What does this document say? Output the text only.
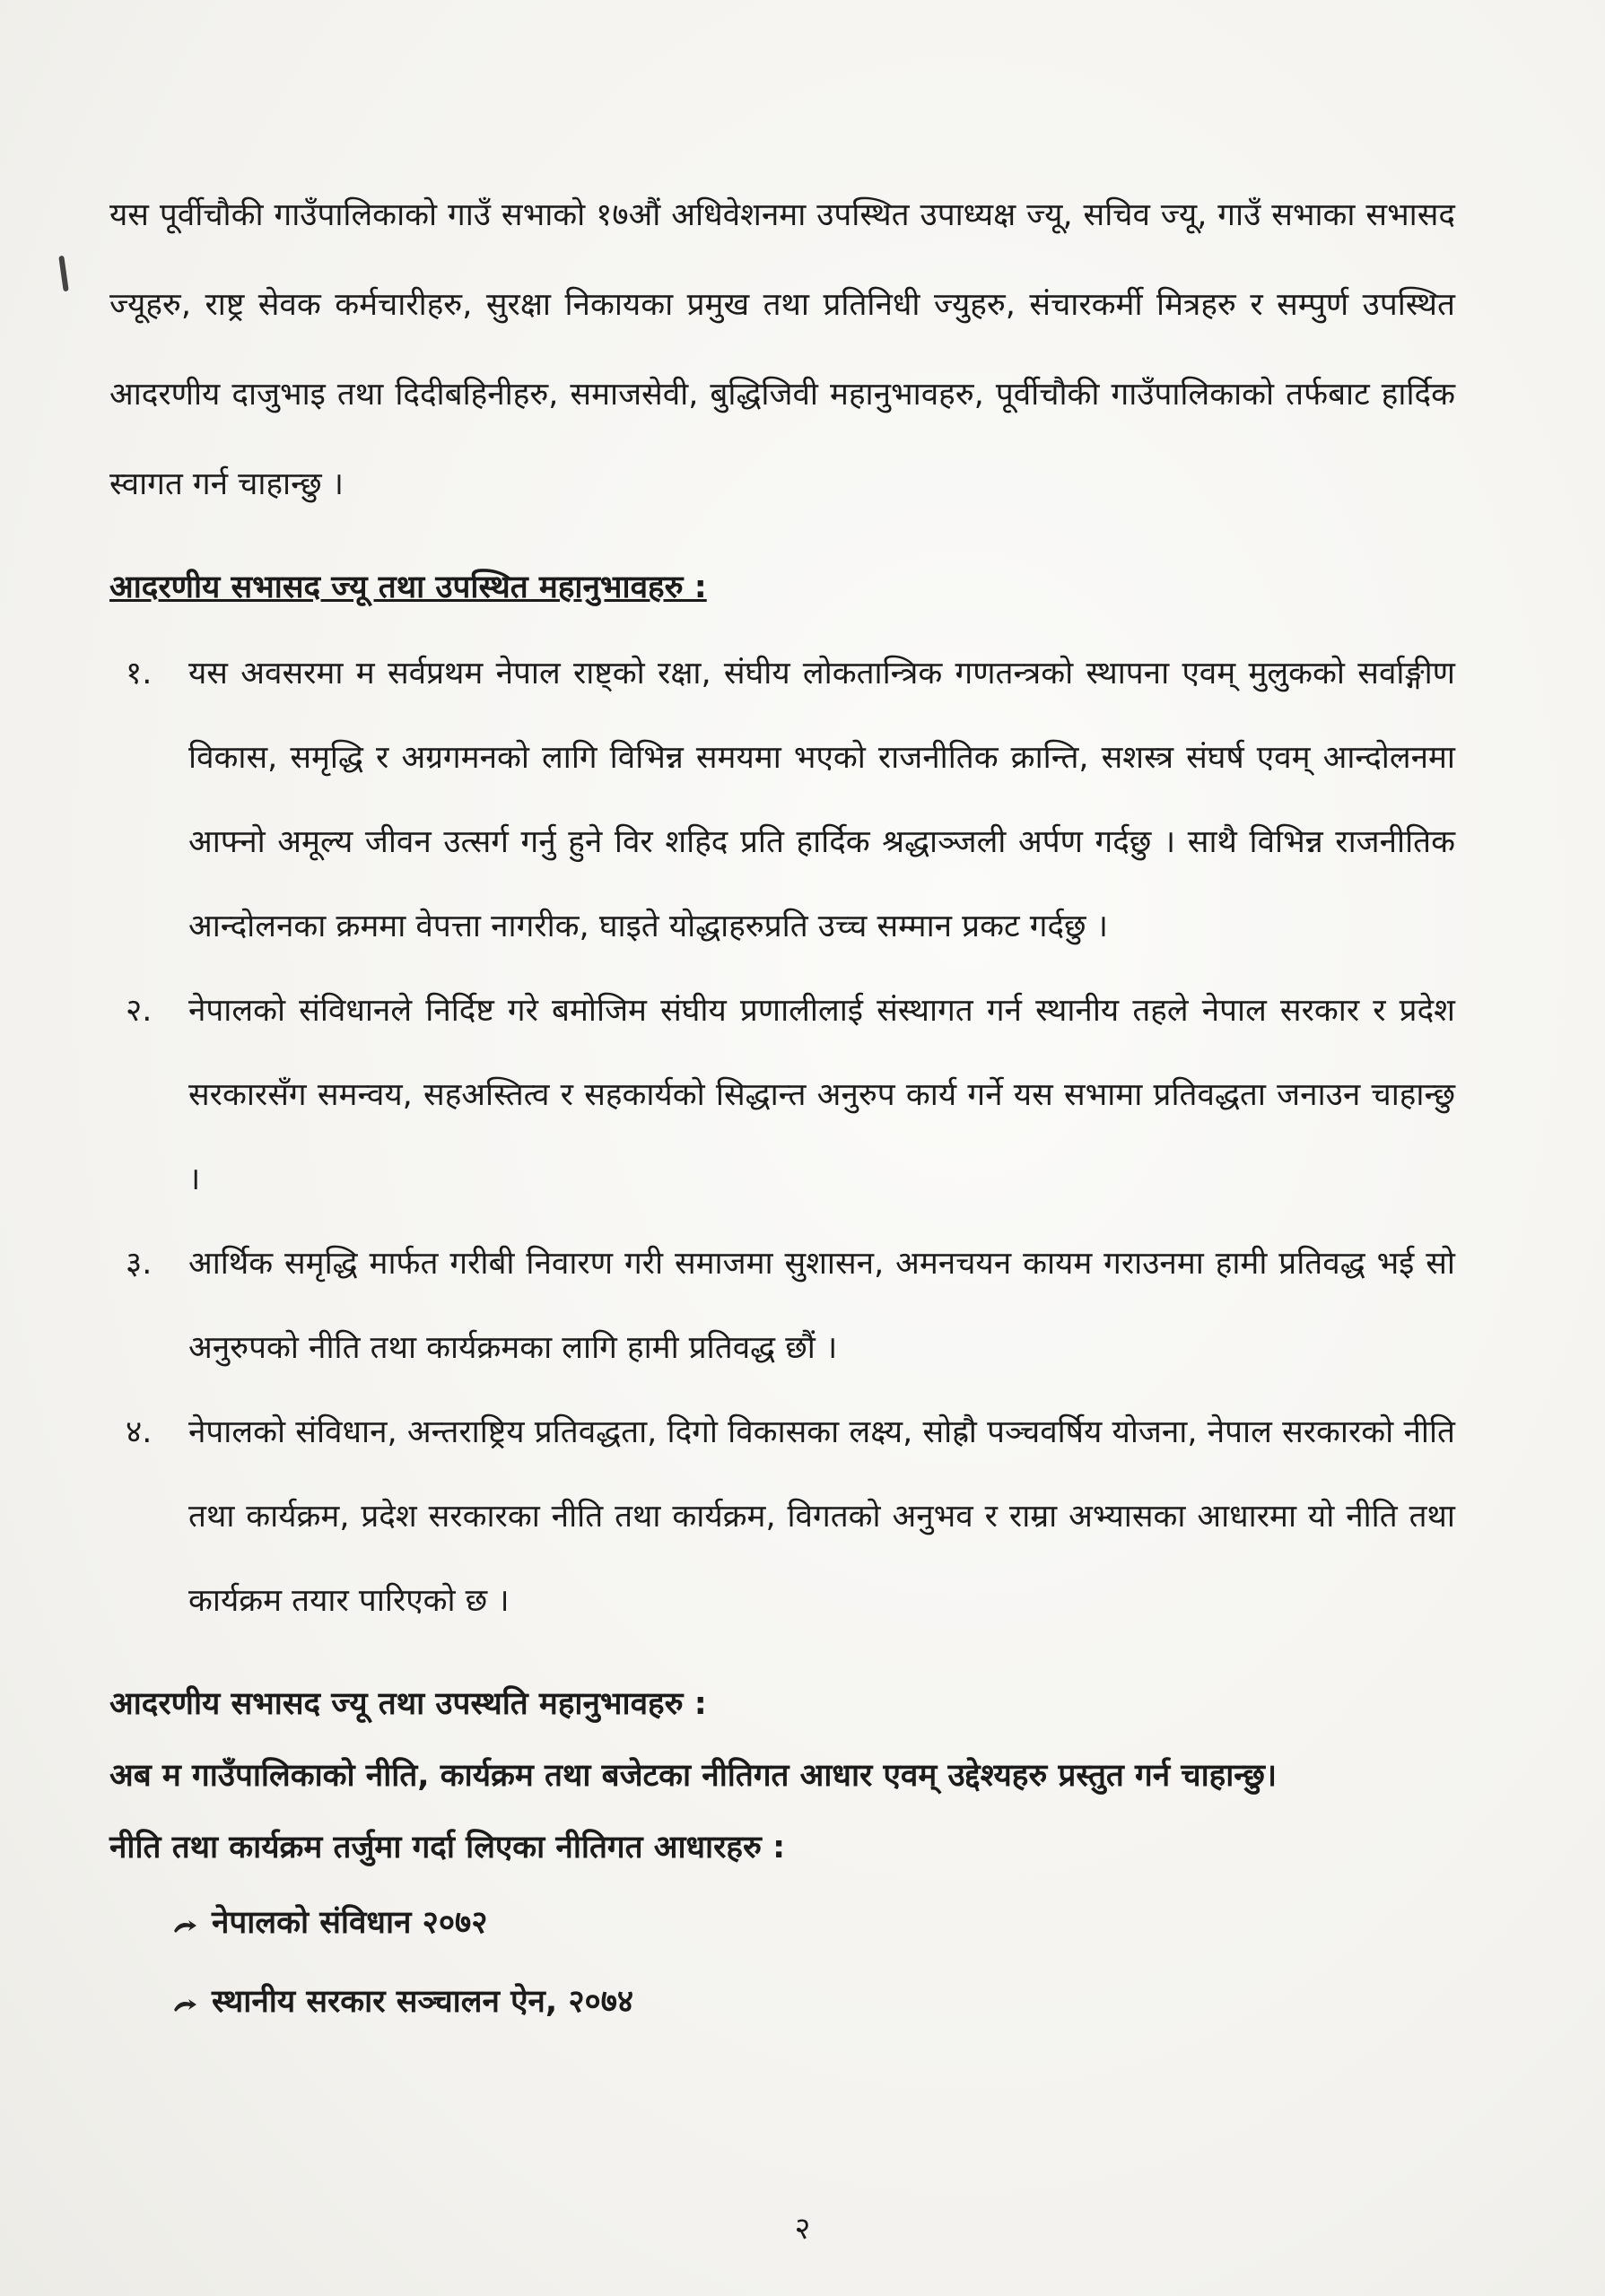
यस पूर्वीचौकी गाउँपालिकाको गाउँ सभाको १७औं अधिवेशनमा उपस्थित उपाध्यक्ष ज्यू, सचिव ज्यू, गाउँ सभाका सभासद ज्यूहरु, राष्ट्र सेवक कर्मचारीहरु, सुरक्षा निकायका प्रमुख तथा प्रतिनिधी ज्युहरु, संचारकर्मी मित्रहरु र सम्पुर्ण उपस्थित आदरणीय दाजुभाइ तथा दिदीबहिनीहरु, समाजसेवी, बुद्धिजिवी महानुभावहरु, पूर्वीचौकी गाउँपालिकाको तर्फबाट हार्दिक स्वागत गर्न चाहान्छु ।

आदरणीय सभासद ज्यू तथा उपस्थित महानुभावहरु :
१. यस अवसरमा म सर्वप्रथम नेपाल राष्ट्को रक्षा, संघीय लोकतान्त्रिक गणतन्त्रको स्थापना एवम् मुलुकको सर्वाङ्गीण विकास, समृद्धि र अग्रगमनको लागि विभिन्न समयमा भएको राजनीतिक क्रान्ति, सशस्त्र संघर्ष एवम् आन्दोलनमा आफ्नो अमूल्य जीवन उत्सर्ग गर्नु हुने विर शहिद प्रति हार्दिक श्रद्धाञ्जली अर्पण गर्दछु । साथै विभिन्न राजनीतिक आन्दोलनका क्रममा वेपत्ता नागरीक, घाइते योद्धाहरुप्रति उच्च सम्मान प्रकट गर्दछु ।
२. नेपालको संविधानले निर्दिष्ट गरे बमोजिम संघीय प्रणालीलाई संस्थागत गर्न स्थानीय तहले नेपाल सरकार र प्रदेश सरकारसँग समन्वय, सहअस्तित्व र सहकार्यको सिद्धान्त अनुरुप कार्य गर्ने यस सभामा प्रतिवद्धता जनाउन चाहान्छु ।
३. आर्थिक समृद्धि मार्फत गरीबी निवारण गरी समाजमा सुशासन, अमनचयन कायम गराउनमा हामी प्रतिवद्ध भई सो अनुरुपको नीति तथा कार्यक्रमका लागि हामी प्रतिवद्ध छौं ।
४. नेपालको संविधान, अन्तराष्ट्रिय प्रतिवद्धता, दिगो विकासका लक्ष्य, सोह्रौ पञ्चवर्षिय योजना, नेपाल सरकारको नीति तथा कार्यक्रम, प्रदेश सरकारका नीति तथा कार्यक्रम, विगतको अनुभव र राम्रा अभ्यासका आधारमा यो नीति तथा कार्यक्रम तयार पारिएको छ ।
आदरणीय सभासद ज्यू तथा उपस्थति महानुभावहरु :

अब म गाउँपालिकाको नीति, कार्यक्रम तथा बजेटका नीतिगत आधार एवम् उद्देश्यहरु प्रस्तुत गर्न चाहान्छु।

नीति तथा कार्यक्रम तर्जुमा गर्दा लिएका नीतिगत आधारहरु :

नेपालको संविधान २०७२
स्थानीय सरकार सञ्चालन ऐन, २०७४
२
